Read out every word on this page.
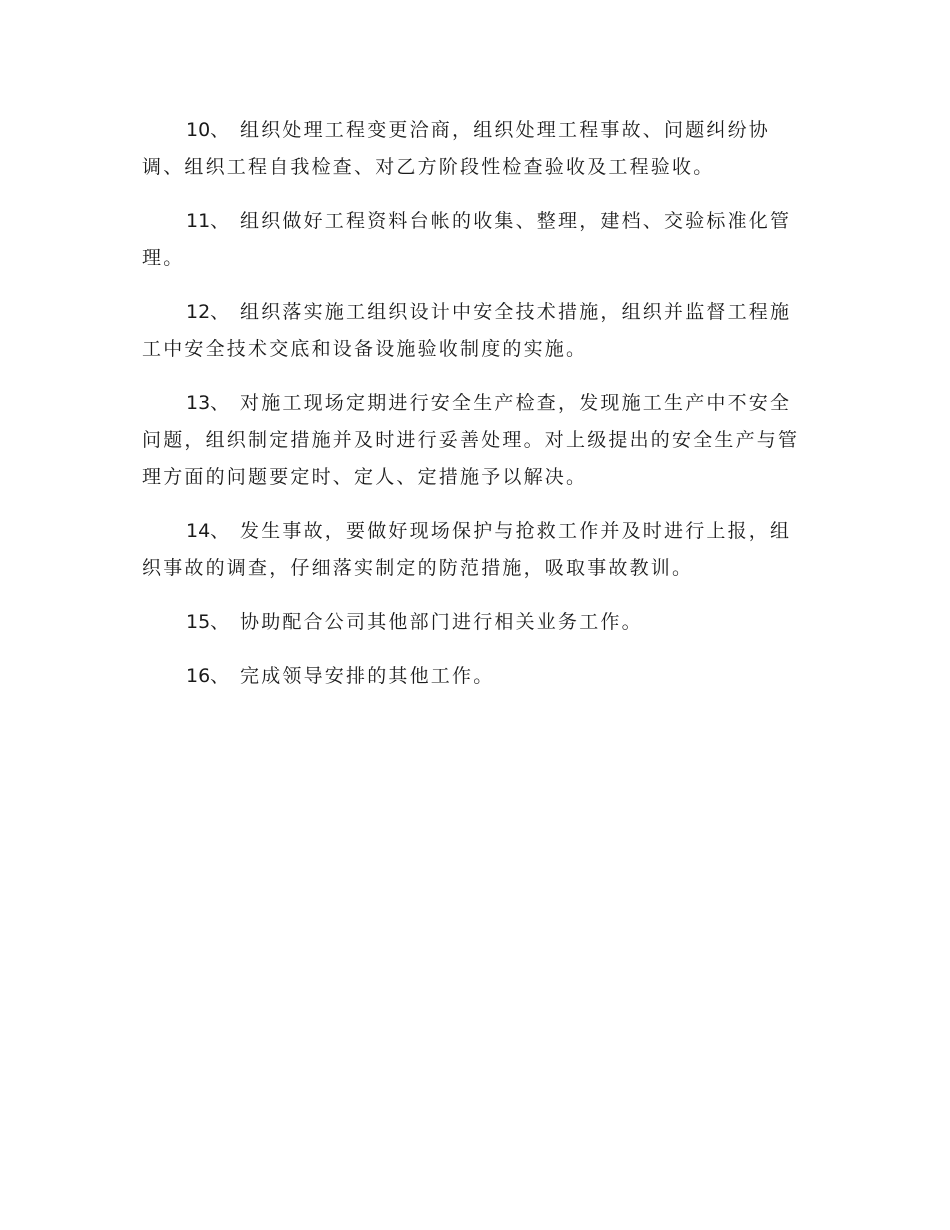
10、 组织处理工程变更洽商，组织处理工程事故、问题纠纷协调、组织工程自我检查、对乙方阶段性检查验收及工程验收。

11、 组织做好工程资料台帐的收集、整理，建档、交验标准化管理。

12、 组织落实施工组织设计中安全技术措施，组织并监督工程施工中安全技术交底和设备设施验收制度的实施。

13、 对施工现场定期进行安全生产检查，发现施工生产中不安全问题，组织制定措施并及时进行妥善处理。对上级提出的安全生产与管理方面的问题要定时、定人、定措施予以解决。

14、 发生事故，要做好现场保护与抢救工作并及时进行上报，组织事故的调查，仔细落实制定的防范措施，吸取事故教训。

15、 协助配合公司其他部门进行相关业务工作。

16、 完成领导安排的其他工作。
